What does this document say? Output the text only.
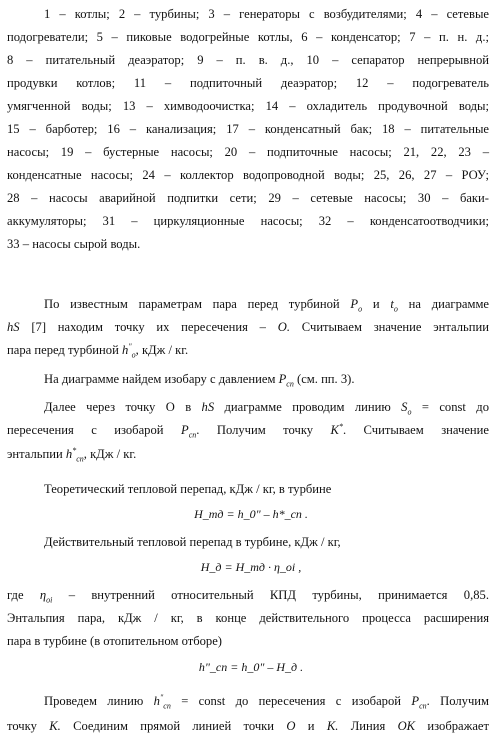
1 – котлы; 2 – турбины; 3 – генераторы с возбудителями; 4 – сетевые
подогреватели; 5 – пиковые водогрейные котлы, 6 – конденсатор; 7 – п. н. д.;
8 – питательный деаэратор; 9 – п. в. д., 10 – сепаратор непрерывной
продувки котлов; 11 – подпиточный деаэратор; 12 – подогреватель
умягченной воды; 13 – химводоочистка; 14 – охладитель продувочной воды;
15 – барботер; 16 – канализация; 17 – конденсатный бак; 18 – питательные
насосы; 19 – бустерные насосы; 20 – подпиточные насосы; 21, 22, 23 –
конденсатные насосы; 24 – коллектор водопроводной воды; 25, 26, 27 – РОУ;
28 – насосы аварийной подпитки сети; 29 – сетевые насосы; 30 – баки-
аккумуляторы; 31 – циркуляционные насосы; 32 – конденсатоотводчики;
33 – насосы сырой воды.
По известным параметрам пара перед турбиной $P_o$ и $t_o$ на диаграмме
hS [7] находим точку их пересечения – O. Считываем значение энтальпии
пара перед турбиной $h^"_o$, кДж / кг.
На диаграмме найдем изобару с давлением $P_{сп}$ (см. пп. 3).
Далее через точку О в hS диаграмме проводим линию $S_o$ = const до
пересечения с изобарой $P_{сп}$. Получим точку K*. Считываем значение
энтальпии $h^*_{сп}$, кДж / кг.
Теоретический тепловой перепад, кДж / кг, в турбине
H_тд = h_0" – h*_сп .
Действительный тепловой перепад в турбине, кДж / кг,
H_д = H_тд · η_oi ,
где $\eta_{oi}$ – внутренний относительный КПД турбины, принимается 0,85.
Энтальпия пара, кДж / кг, в конце действительного процесса расширения
пара в турбине (в отопительном отборе)
h"_сп = h_0" – H_д .
Проведем линию $h^"_{сп}$ = const до пересечения с изобарой $P_{сп}$. Получим
точку K. Соединим прямой линией точки O и K. Линия OK изображает
